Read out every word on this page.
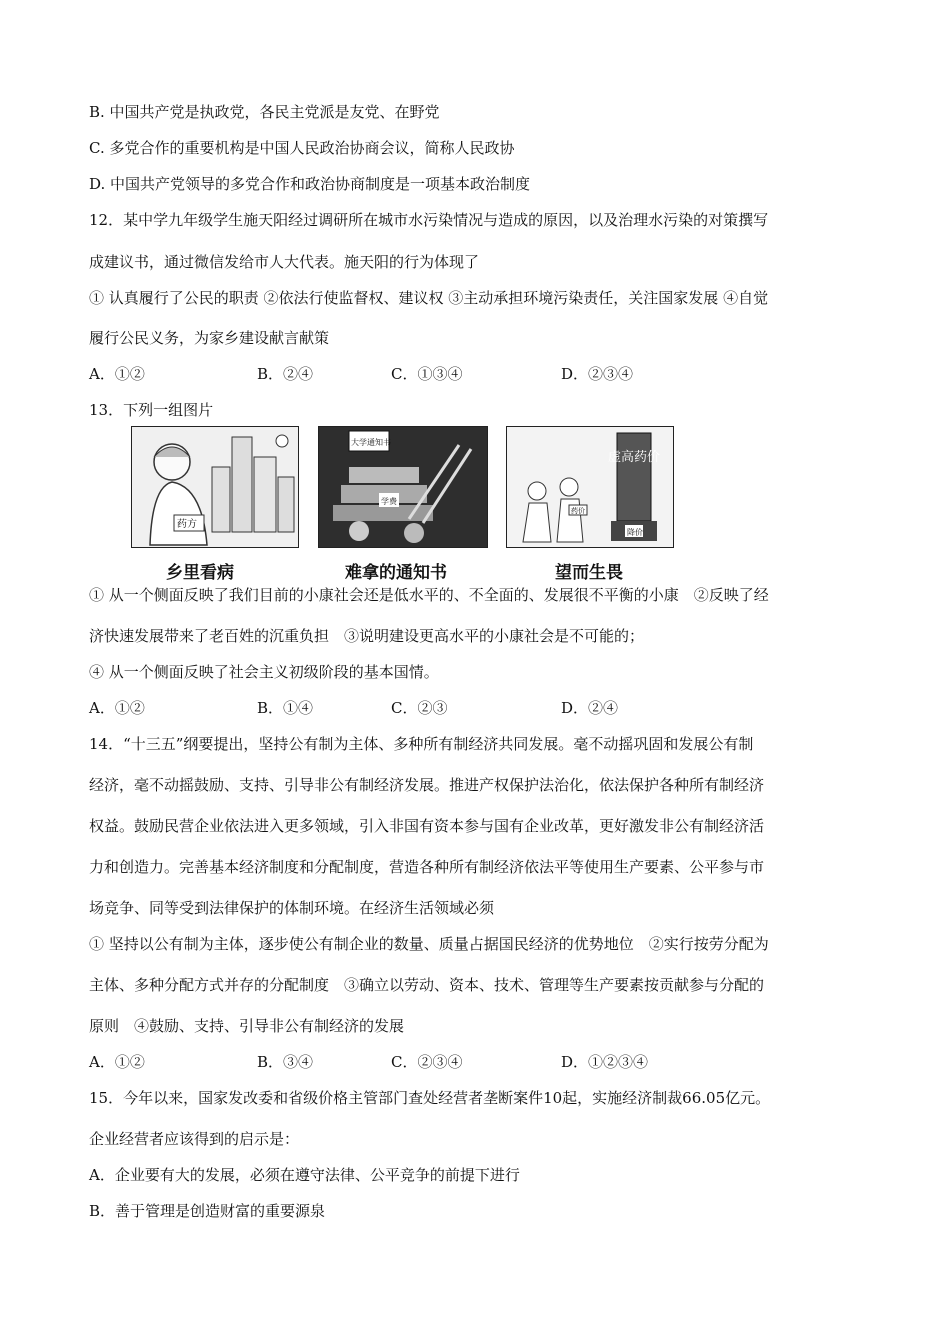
B. 中国共产党是执政党，各民主党派是友党、在野党
C. 多党合作的重要机构是中国人民政治协商会议，简称人民政协
D. 中国共产党领导的多党合作和政治协商制度是一项基本政治制度
12．某中学九年级学生施天阳经过调研所在城市水污染情况与造成的原因，以及治理水污染的对策撰写
成建议书，通过微信发给市人大代表。施天阳的行为体现了
① 认真履行了公民的职责 ②依法行使监督权、建议权 ③主动承担环境污染责任，关注国家发展 ④自觉
履行公民义务，为家乡建设献言献策
A．①②	B．②④	C．①③④	D．②③④
13．下列一组图片
药方
乡里看病
大学通知书
学费
难拿的通知书
虚高药价
降价
药价
望而生畏
① 从一个侧面反映了我们目前的小康社会还是低水平的、不全面的、发展很不平衡的小康　②反映了经
济快速发展带来了老百姓的沉重负担　③说明建设更高水平的小康社会是不可能的；
④ 从一个侧面反映了社会主义初级阶段的基本国情。
A．①②	B．①④	C．②③	D．②④
14．“十三五”纲要提出，坚持公有制为主体、多种所有制经济共同发展。毫不动摇巩固和发展公有制
经济，毫不动摇鼓励、支持、引导非公有制经济发展。推进产权保护法治化，依法保护各种所有制经济
权益。鼓励民营企业依法进入更多领域，引入非国有资本参与国有企业改革，更好激发非公有制经济活
力和创造力。完善基本经济制度和分配制度，营造各种所有制经济依法平等使用生产要素、公平参与市
场竞争、同等受到法律保护的体制环境。在经济生活领域必须
① 坚持以公有制为主体，逐步使公有制企业的数量、质量占据国民经济的优势地位　②实行按劳分配为
主体、多种分配方式并存的分配制度　③确立以劳动、资本、技术、管理等生产要素按贡献参与分配的
原则　④鼓励、支持、引导非公有制经济的发展
A．①②	B．③④	C．②③④	D．①②③④
15．今年以来，国家发改委和省级价格主管部门查处经营者垄断案件10起，实施经济制裁66.05亿元。
企业经营者应该得到的启示是：
A．企业要有大的发展，必须在遵守法律、公平竞争的前提下进行
B．善于管理是创造财富的重要源泉
